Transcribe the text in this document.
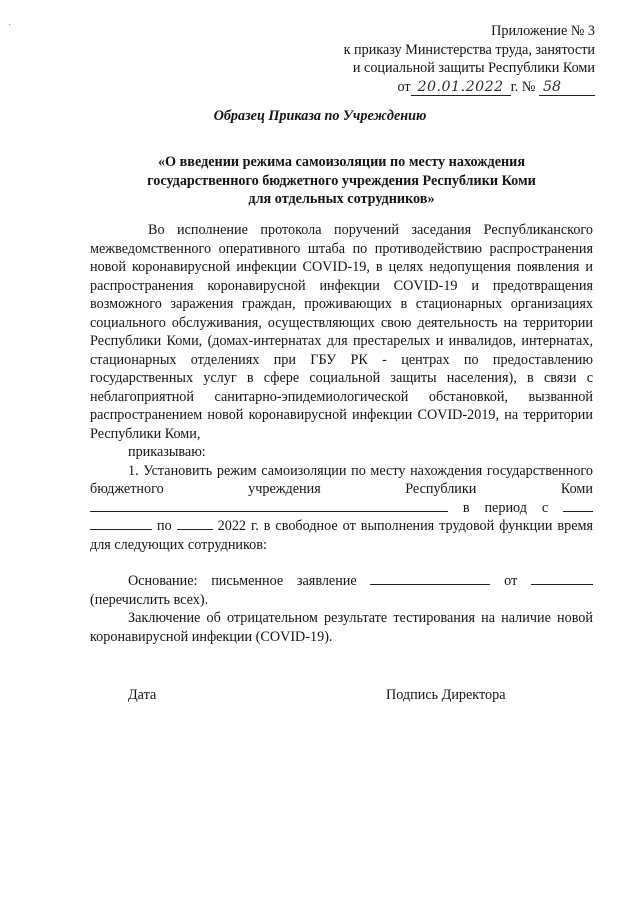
·	Приложение № 3
к приказу Министерства труда, занятости
и социальной защиты Республики Коми
от 20.01.2022 г. №
58
Образец Приказа по Учреждению
«О введении режима самоизоляции по месту нахождения
государственного бюджетного учреждения Республики Коми
для отдельных сотрудников»

Во исполнение протокола поручений заседания Республиканского межведомственного оперативного штаба по противодействию распространения новой коронавирусной инфекции COVID-19, в целях недопущения появления и распространения коронавирусной инфекции COVID-19 и предотвращения возможного заражения граждан, проживающих в стационарных организациях социального обслуживания, осуществляющих свою деятельность на территории Республики Коми, (домах-интернатах для престарелых и инвалидов, интернатах, стационарных отделениях при ГБУ РК - центрах по предоставлению государственных услуг в сфере социальной защиты населения), в связи с неблагоприятной санитарно-эпидемиологической обстановкой, вызванной распространением новой коронавирусной инфекции COVID-2019, на территории Республики Коми,

приказываю:

1. Установить режим самоизоляции по месту нахождения государственного бюджетного учреждения Республики Коми в период с   по	2022 г. в свободное от выполнения трудовой функции время для следующих сотрудников:

Основание: письменное заявление	от  (перечислить всех).

Заключение об отрицательном результате тестирования на наличие новой коронавирусной инфекции (COVID-19).

Дата	Подпись Директора
